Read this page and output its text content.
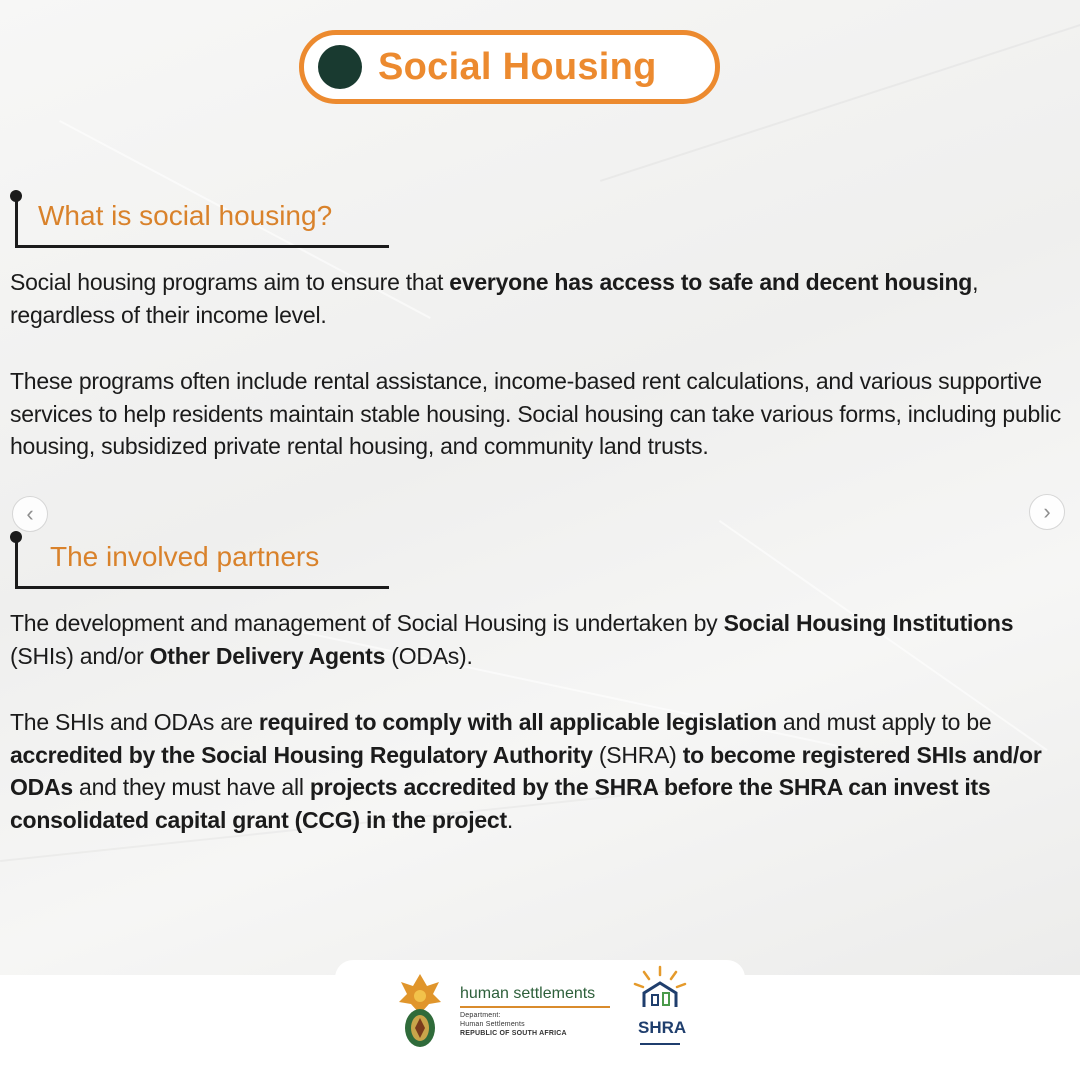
Social Housing
What is social housing?

Social housing programs aim to ensure that everyone has access to safe and decent housing, regardless of their income level.

These programs often include rental assistance, income-based rent calculations, and various supportive services to help residents maintain stable housing. Social housing can take various forms, including public housing, subsidized private rental housing, and community land trusts.

‹	›
The involved partners

The development and management of Social Housing is undertaken by Social Housing Institutions (SHIs) and/or Other Delivery Agents (ODAs).

The SHIs and ODAs are required to comply with all applicable legislation and must apply to be accredited by the Social Housing Regulatory Authority (SHRA) to become registered SHIs and/or ODAs and they must have all projects accredited by the SHRA before the SHRA can invest its consolidated capital grant (CCG) in the project.

human settlements
Department:
Human Settlements
REPUBLIC OF SOUTH AFRICA	SHRA
